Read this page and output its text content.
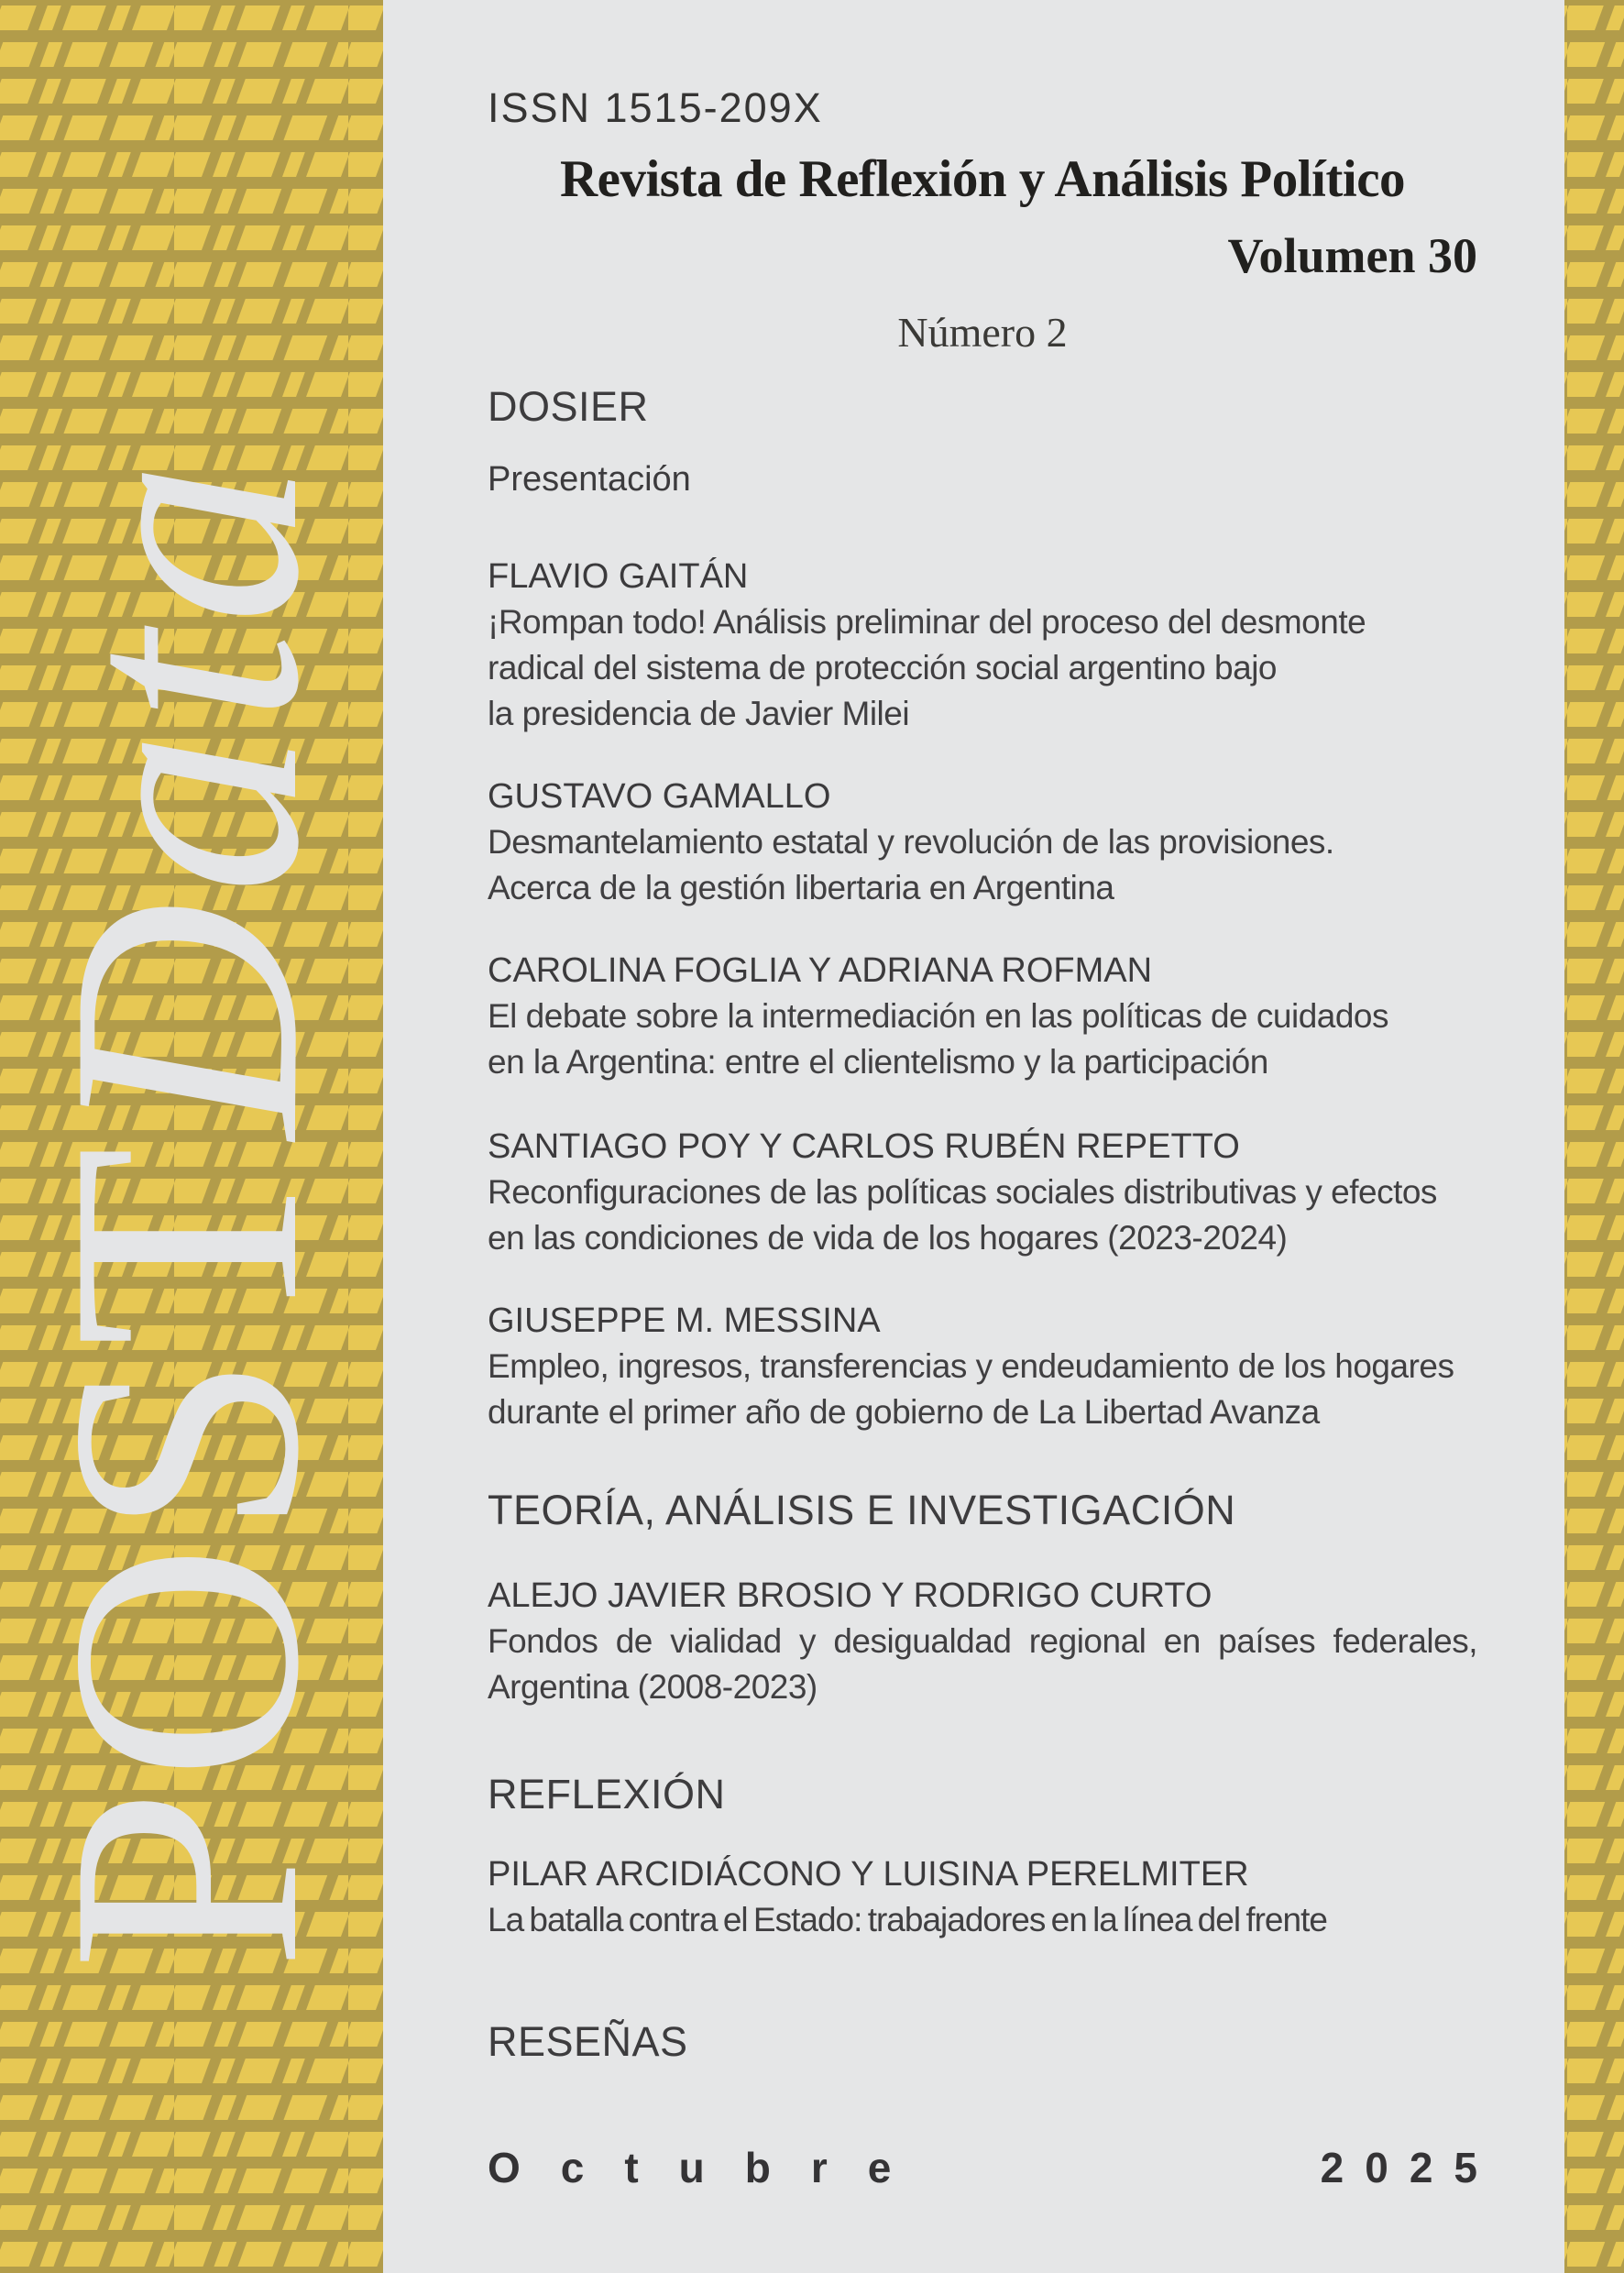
POSTData
ISSN 1515-209X
Revista de Reflexión y Análisis Político
Volumen 30
Número 2
DOSIER
Presentación
FLAVIO GAITÁN
¡Rompan todo! Análisis preliminar del proceso del desmonte
radical del sistema de protección social argentino bajo
la presidencia de Javier Milei
GUSTAVO GAMALLO
Desmantelamiento estatal y revolución de las provisiones.
Acerca de la gestión libertaria en Argentina
CAROLINA FOGLIA Y ADRIANA ROFMAN
El debate sobre la intermediación en las políticas de cuidados
en la Argentina: entre el clientelismo y la participación
SANTIAGO POY Y CARLOS RUBÉN REPETTO
Reconfiguraciones de las políticas sociales distributivas y efectos
en las condiciones de vida de los hogares (2023-2024)
GIUSEPPE M. MESSINA
Empleo, ingresos, transferencias y endeudamiento de los hogares
durante el primer año de gobierno de La Libertad Avanza
TEORÍA, ANÁLISIS E INVESTIGACIÓN
ALEJO JAVIER BROSIO Y RODRIGO CURTO
Fondos de vialidad y desigualdad regional en países federales,
Argentina (2008-2023)
REFLEXIÓN
PILAR ARCIDIÁCONO Y LUISINA PERELMITER
La batalla contra el Estado: trabajadores en la línea del frente
RESEÑAS
Octubre	2025
